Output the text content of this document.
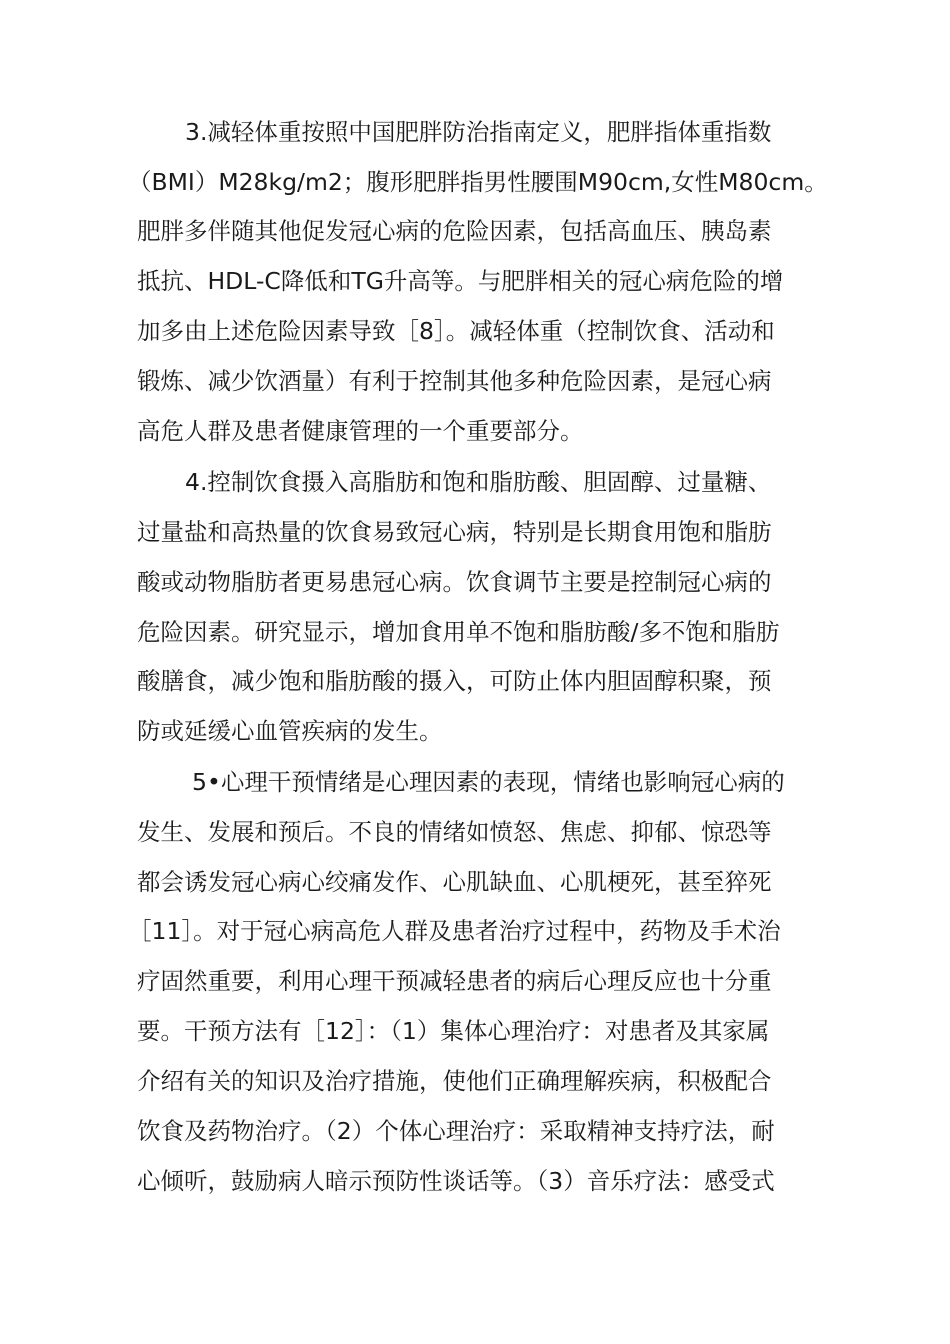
3.减轻体重按照中国肥胖防治指南定义，肥胖指体重指数
（BMI）M28kg/m2；腹形肥胖指男性腰围M90cm,女性M80cm。
肥胖多伴随其他促发冠心病的危险因素，包括高血压、胰岛素
抵抗、HDL-C降低和TG升高等。与肥胖相关的冠心病危险的增
加多由上述危险因素导致［8］。减轻体重（控制饮食、活动和
锻炼、减少饮酒量）有利于控制其他多种危险因素，是冠心病
高危人群及患者健康管理的一个重要部分。
4.控制饮食摄入高脂肪和饱和脂肪酸、胆固醇、过量糖、
过量盐和高热量的饮食易致冠心病，特别是长期食用饱和脂肪
酸或动物脂肪者更易患冠心病。饮食调节主要是控制冠心病的
危险因素。研究显示，增加食用单不饱和脂肪酸/多不饱和脂肪
酸膳食，减少饱和脂肪酸的摄入，可防止体内胆固醇积聚，预
防或延缓心血管疾病的发生。
5•心理干预情绪是心理因素的表现，情绪也影响冠心病的
发生、发展和预后。不良的情绪如愤怒、焦虑、抑郁、惊恐等
都会诱发冠心病心绞痛发作、心肌缺血、心肌梗死，甚至猝死
［11］。对于冠心病高危人群及患者治疗过程中，药物及手术治
疗固然重要，利用心理干预减轻患者的病后心理反应也十分重
要。干预方法有［12］：（1）集体心理治疗：对患者及其家属
介绍有关的知识及治疗措施，使他们正确理解疾病，积极配合
饮食及药物治疗。（2）个体心理治疗：采取精神支持疗法，耐
心倾听，鼓励病人暗示预防性谈话等。（3）音乐疗法：感受式
